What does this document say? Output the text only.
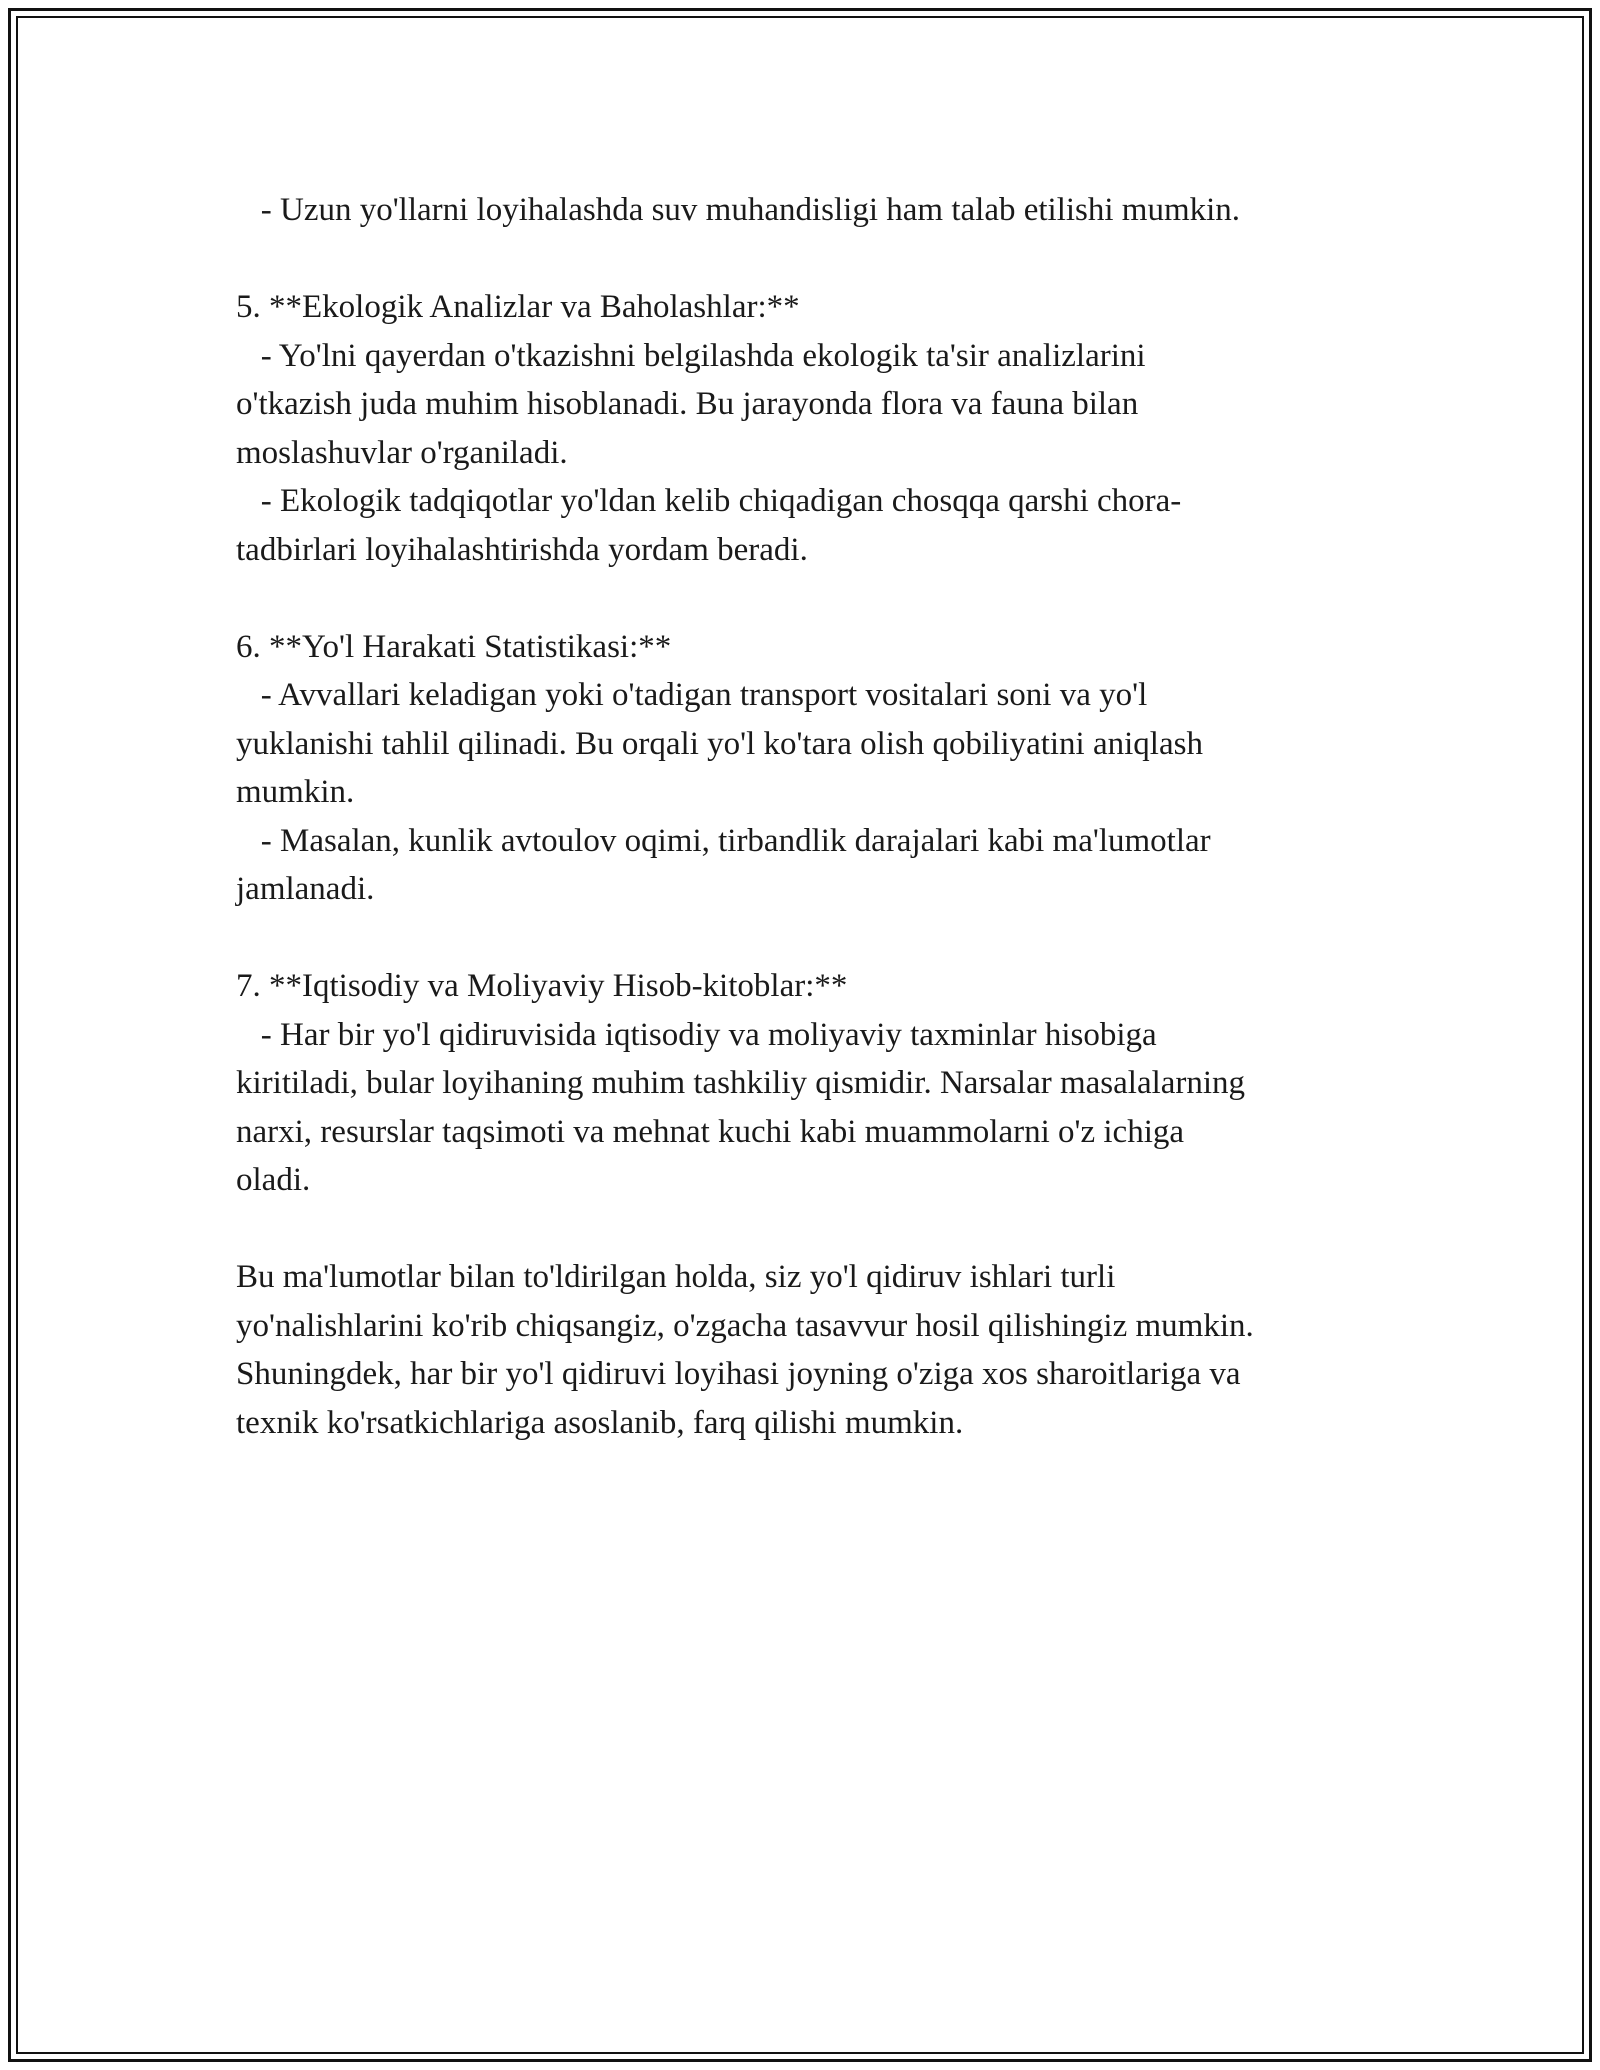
- Uzun yo'llarni loyihalashda suv muhandisligi ham talab etilishi mumkin.
5. **Ekologik Analizlar va Baholashlar:**
- Yo'lni qayerdan o'tkazishni belgilashda ekologik ta'sir analizlarini
o'tkazish juda muhim hisoblanadi. Bu jarayonda flora va fauna bilan
moslashuvlar o'rganiladi.
- Ekologik tadqiqotlar yo'ldan kelib chiqadigan chosqqa qarshi chora-
tadbirlari loyihalashtirishda yordam beradi.
6. **Yo'l Harakati Statistikasi:**
- Avvallari keladigan yoki o'tadigan transport vositalari soni va yo'l
yuklanishi tahlil qilinadi. Bu orqali yo'l ko'tara olish qobiliyatini aniqlash
mumkin.
- Masalan, kunlik avtoulov oqimi, tirbandlik darajalari kabi ma'lumotlar
jamlanadi.
7. **Iqtisodiy va Moliyaviy Hisob-kitoblar:**
- Har bir yo'l qidiruvisida iqtisodiy va moliyaviy taxminlar hisobiga
kiritiladi, bular loyihaning muhim tashkiliy qismidir. Narsalar masalalarning
narxi, resurslar taqsimoti va mehnat kuchi kabi muammolarni o'z ichiga
oladi.
Bu ma'lumotlar bilan to'ldirilgan holda, siz yo'l qidiruv ishlari turli
yo'nalishlarini ko'rib chiqsangiz, o'zgacha tasavvur hosil qilishingiz mumkin.
Shuningdek, har bir yo'l qidiruvi loyihasi joyning o'ziga xos sharoitlariga va
texnik ko'rsatkichlariga asoslanib, farq qilishi mumkin.
